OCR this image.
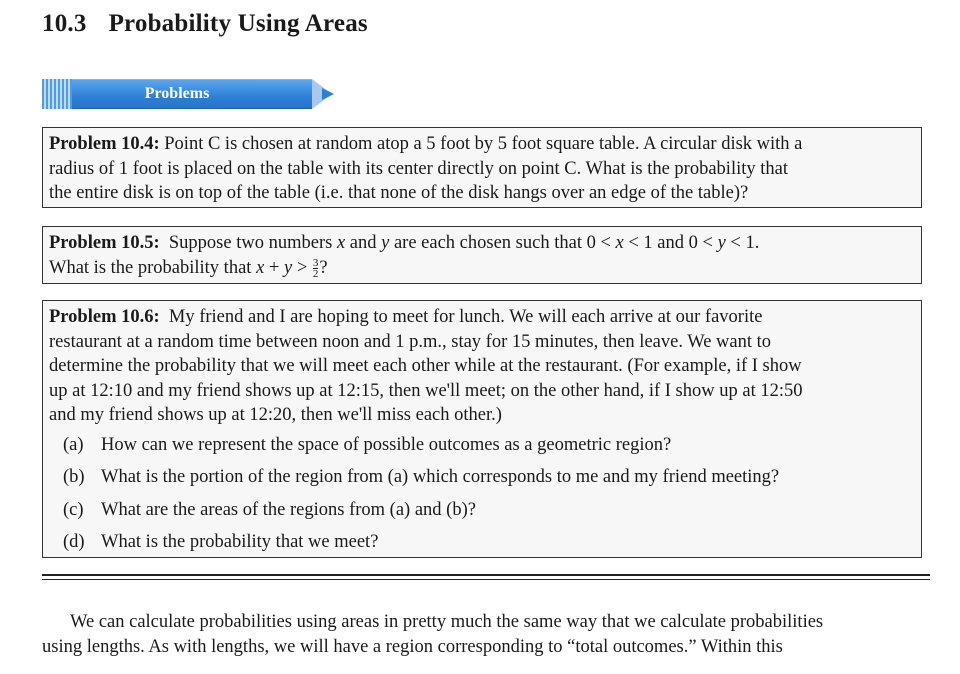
10.3 Probability Using Areas
Problems
Problem 10.4: Point C is chosen at random atop a 5 foot by 5 foot square table. A circular disk with a
radius of 1 foot is placed on the table with its center directly on point C. What is the probability that
the entire disk is on top of the table (i.e. that none of the disk hangs over an edge of the table)?
Problem 10.5: Suppose two numbers x and y are each chosen such that 0 < x < 1 and 0 < y < 1.
What is the probability that $x + y > \frac{3}{2}$ ?
Problem 10.6: My friend and I are hoping to meet for lunch. We will each arrive at our favorite
restaurant at a random time between noon and 1 p.m., stay for 15 minutes, then leave. We want to
determine the probability that we will meet each other while at the restaurant. (For example, if I show
up at 12:10 and my friend shows up at 12:15, then we'll meet; on the other hand, if I show up at 12:50
and my friend shows up at 12:20, then we'll miss each other.)
(a) How can we represent the space of possible outcomes as a geometric region?
(b) What is the portion of the region from (a) which corresponds to me and my friend meeting?
(c) What are the areas of the regions from (a) and (b)?
(d) What is the probability that we meet?
We can calculate probabilities using areas in pretty much the same way that we calculate probabilities
using lengths. As with lengths, we will have a region corresponding to “total outcomes.” Within this
